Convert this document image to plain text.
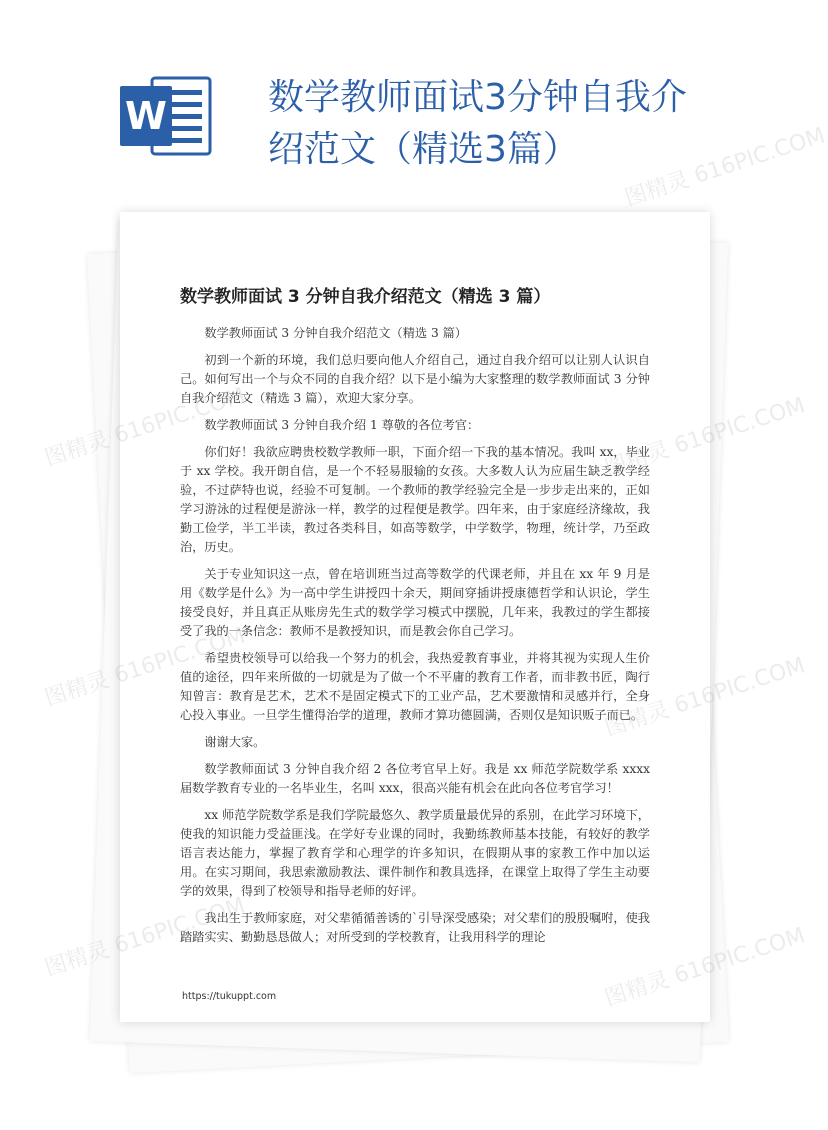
W	数学教师面试3分钟自我介绍范文（精选3篇）
数学教师面试 3 分钟自我介绍范文（精选 3 篇）

数学教师面试 3 分钟自我介绍范文（精选 3 篇）

初到一个新的环境，我们总归要向他人介绍自己，通过自我介绍可以让别人认识自己。如何写出一个与众不同的自我介绍？以下是小编为大家整理的数学教师面试 3 分钟自我介绍范文（精选 3 篇），欢迎大家分享。

数学教师面试 3 分钟自我介绍 1 尊敬的各位考官：

你们好！我欲应聘贵校数学教师一职，下面介绍一下我的基本情况。我叫 xx，毕业于 xx 学校。我开朗自信，是一个不轻易服输的女孩。大多数人认为应届生缺乏教学经验，不过萨特也说，经验不可复制。一个教师的教学经验完全是一步步走出来的，正如学习游泳的过程便是游泳一样，教学的过程便是教学。四年来，由于家庭经济缘故，我勤工俭学，半工半读，教过各类科目，如高等数学，中学数学，物理，统计学，乃至政治，历史。

关于专业知识这一点，曾在培训班当过高等数学的代课老师，并且在 xx 年 9 月是用《数学是什么》为一高中学生讲授四十余天，期间穿插讲授康德哲学和认识论，学生接受良好，并且真正从账房先生式的数学学习模式中摆脱，几年来，我教过的学生都接受了我的一条信念：教师不是教授知识，而是教会你自己学习。

希望贵校领导可以给我一个努力的机会，我热爱教育事业，并将其视为实现人生价值的途径，四年来所做的一切就是为了做一个不平庸的教育工作者，而非教书匠，陶行知曾言：教育是艺术，艺术不是固定模式下的工业产品，艺术要激情和灵感并行，全身心投入事业。一旦学生懂得治学的道理，教师才算功德圆满，否则仅是知识贩子而已。

谢谢大家。

数学教师面试 3 分钟自我介绍 2 各位考官早上好。我是 xx 师范学院数学系 xxxx 届数学教育专业的一名毕业生，名叫 xxx，很高兴能有机会在此向各位考官学习！

xx 师范学院数学系是我们学院最悠久、教学质量最优异的系别，在此学习环境下，使我的知识能力受益匪浅。在学好专业课的同时，我勤练教师基本技能，有较好的教学语言表达能力，掌握了教育学和心理学的许多知识，在假期从事的家教工作中加以运用。在实习期间，我思索激励教法、课件制作和教具选择，在课堂上取得了学生主动要学的效果，得到了校领导和指导老师的好评。

我出生于教师家庭，对父辈循循善诱的`引导深受感染；对父辈们的殷殷嘱咐，使我踏踏实实、勤勤恳恳做人；对所受到的学校教育，让我用科学的理论

https://tukuppt.com
图精灵 616PIC.COM
图精灵 616PIC.COM
图精灵 616PIC.COM
图精灵 616PIC.COM	图精灵 616PIC.COM
图精灵 616PIC.COM	图精灵 616PIC.COM
